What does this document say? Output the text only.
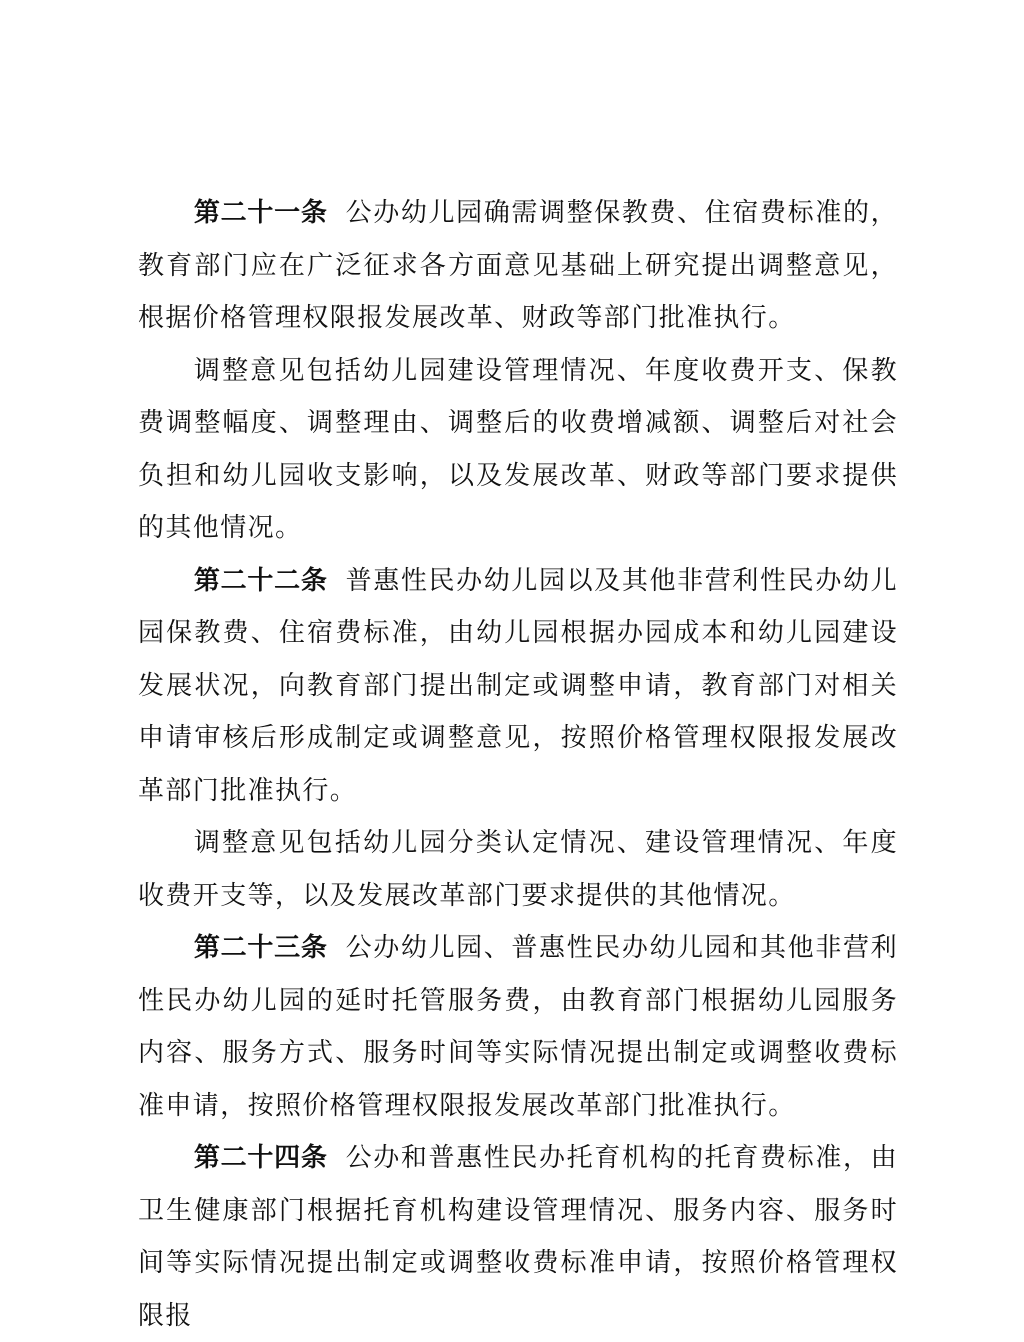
第二十一条 公办幼儿园确需调整保教费、住宿费标准的，教育部门应在广泛征求各方面意见基础上研究提出调整意见，根据价格管理权限报发展改革、财政等部门批准执行。

调整意见包括幼儿园建设管理情况、年度收费开支、保教费调整幅度、调整理由、调整后的收费增减额、调整后对社会负担和幼儿园收支影响，以及发展改革、财政等部门要求提供的其他情况。

第二十二条 普惠性民办幼儿园以及其他非营利性民办幼儿园保教费、住宿费标准，由幼儿园根据办园成本和幼儿园建设发展状况，向教育部门提出制定或调整申请，教育部门对相关申请审核后形成制定或调整意见，按照价格管理权限报发展改革部门批准执行。

调整意见包括幼儿园分类认定情况、建设管理情况、年度收费开支等，以及发展改革部门要求提供的其他情况。

第二十三条 公办幼儿园、普惠性民办幼儿园和其他非营利性民办幼儿园的延时托管服务费，由教育部门根据幼儿园服务内容、服务方式、服务时间等实际情况提出制定或调整收费标准申请，按照价格管理权限报发展改革部门批准执行。

第二十四条 公办和普惠性民办托育机构的托育费标准，由卫生健康部门根据托育机构建设管理情况、服务内容、服务时间等实际情况提出制定或调整收费标准申请，按照价格管理权限报
